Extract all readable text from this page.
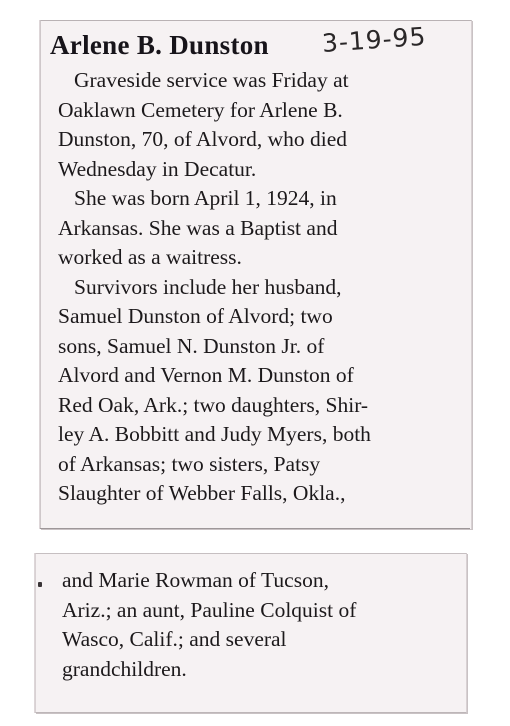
Arlene B. Dunston 3-19-95
Graveside service was Friday at
Oaklawn Cemetery for Arlene B.
Dunston, 70, of Alvord, who died
Wednesday in Decatur.
She was born April 1, 1924, in
Arkansas. She was a Baptist and
worked as a waitress.
Survivors include her husband,
Samuel Dunston of Alvord; two
sons, Samuel N. Dunston Jr. of
Alvord and Vernon M. Dunston of
Red Oak, Ark.; two daughters, Shir-
ley A. Bobbitt and Judy Myers, both
of Arkansas; two sisters, Patsy
Slaughter of Webber Falls, Okla.,
and Marie Rowman of Tucson,
Ariz.; an aunt, Pauline Colquist of
Wasco, Calif.; and several
grandchildren.
